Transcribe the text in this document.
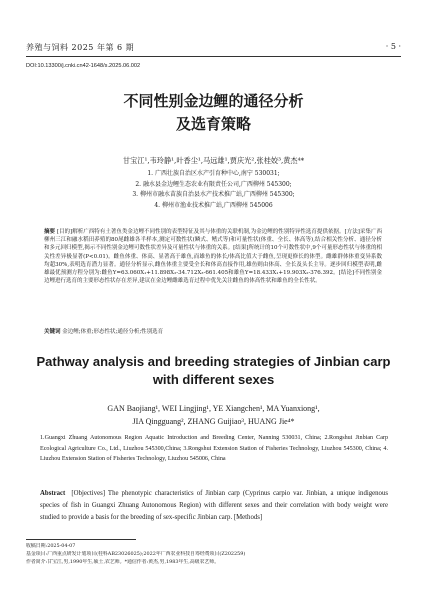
养殖与饲料 2025 年第 6 期	· 5 ·
DOI:10.13300/j.cnki.cn42-1648/s.2025.06.002
不同性别金边鲤的通径分析
及选育策略
甘宝江¹,韦玲静¹,叶香尘¹,马远雄¹,贾庆光²,张桂姣³,黄杰⁴*
1. 广西壮族自治区水产引育种中心,南宁 530031;
2. 融水县金边鲤生态农业有限责任公司,广西柳州 545300;
3. 柳州市融水苗族自治县水产技术推广站,广西柳州 545300;
4. 柳州市渔业技术推广站,广西柳州 545006
摘要 [目的]解析广西特有土著鱼类金边鲤不同性别的表型特征及其与体重的关联机制,为金边鲤的性别特异性选育提供依据。[方法]采集广西柳州三江和融水稻田养殖的80尾雌雄各半样本,测定可数性状(鳞式、鳍式等)和可量性状(体重、全长、体高等),结合相关性分析、通径分析和多元回归模型,揭示不同性别金边鲤可数性状差异及可量性状与体重的关系。[结果]所统计的10个可数性状中,9个可量形态性状与体重的相关性差异极显著(P<0.01)。雌鱼体重、体高、显著高于雄鱼,而雄鱼的体长/体高比值大于雌鱼,呈现更修长的体型。雌雄群体体重变异系数均超30%,表明选育潜力显著。通径分析显示,雌鱼体重主要受全长和体高直接作用,雄鱼则由体高、全长及头长主导。逐步回归模型表明,雌雄最优预测方程分别为:雌鱼Y=63.060X₁+11.898X₂-34.712X₃-661.405和雄鱼Y=18.433X₁+19.903X₂-376.392。[结论]不同性别金边鲤进行选育的主要形态性状存在差异,建议在金边鲤雌雄选育过程中优先关注雌鱼的体高性状和雄鱼的全长性状。
关键词 金边鲤;体重;形态性状;通径分析;性别选育
Pathway analysis and breeding strategies of Jinbian carp
with different sexes
GAN Baojiang¹, WEI Lingjing¹, YE Xiangchen¹, MA Yuanxiong¹,
JIA Qingguang², ZHANG Guijiao³, HUANG Jie⁴*
1.Guangxi Zhuang Autonomous Region Aquatic Introduction and Breeding Center, Nanning 530031, China; 2.Rongshui Jinbian Carp Ecological Agriculture Co., Ltd., Liuzhou 545300,China; 3.Rongshui Extension Station of Fisheries Technology, Liuzhou 545300, China; 4. Liuzhou Extension Station of Fisheries Technology, Liuzhou 545006, China
Abstract [Objectives] The phenotypic characteristics of Jinbian carp (Cyprinus carpio var. Jinbian, a unique indigenous species of fish in Guangxi Zhuang Autonomous Region) with different sexes and their correlation with body weight were studied to provide a basis for the breeding of sex-specific Jinbian carp. [Methods]
收稿日期:2025-04-07
基金项目:广西重点研发计划项目(桂科AB23026025);2022年广西农业科技自筹经费项目(Z202259)
作者简介:甘宝江,男,1990年生,硕士,农艺师。*通信作者:黄杰,男,1983年生,高级农艺师。
